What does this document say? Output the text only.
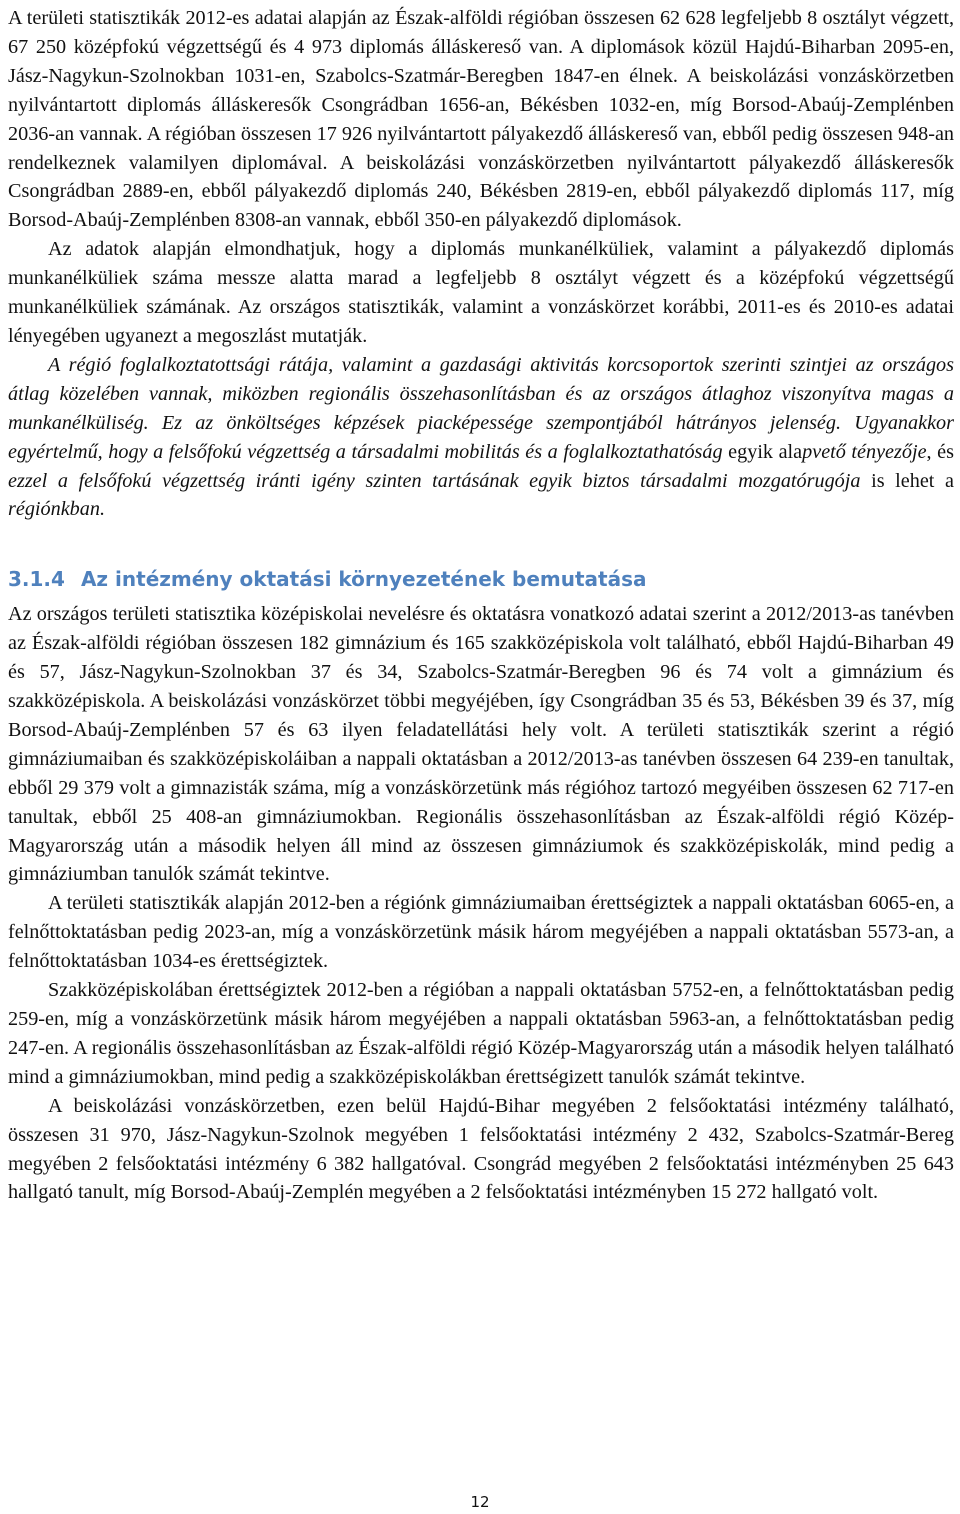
A területi statisztikák 2012-es adatai alapján az Észak-alföldi régióban összesen 62 628 legfeljebb 8 osztályt végzett, 67 250 középfokú végzettségű és 4 973 diplomás álláskereső van. A diplomások közül Hajdú-Biharban 2095-en, Jász-Nagykun-Szolnokban 1031-en, Szabolcs-Szatmár-Beregben 1847-en élnek. A beiskolázási vonzáskörzetben nyilvántartott diplomás álláskeresők Csongrádban 1656-an, Békésben 1032-en, míg Borsod-Abaúj-Zemplénben 2036-an vannak. A régióban összesen 17 926 nyilvántartott pályakezdő álláskereső van, ebből pedig összesen 948-an rendelkeznek valamilyen diplomával. A beiskolázási vonzáskörzetben nyilvántartott pályakezdő álláskeresők Csongrádban 2889-en, ebből pályakezdő diplomás 240, Békésben 2819-en, ebből pályakezdő diplomás 117, míg Borsod-Abaúj-Zemplénben 8308-an vannak, ebből 350-en pályakezdő diplomások.

Az adatok alapján elmondhatjuk, hogy a diplomás munkanélküliek, valamint a pályakezdő diplomás munkanélküliek száma messze alatta marad a legfeljebb 8 osztályt végzett és a középfokú végzettségű munkanélküliek számának. Az országos statisztikák, valamint a vonzáskörzet korábbi, 2011-es és 2010-es adatai lényegében ugyanezt a megoszlást mutatják.

A régió foglalkoztatottsági rátája, valamint a gazdasági aktivitás korcsoportok szerinti szintjei az országos átlag közelében vannak, miközben regionális összehasonlításban és az országos átlaghoz viszonyítva magas a munkanélküliség. Ez az önköltséges képzések piacképessége szempontjából hátrányos jelenség. Ugyanakkor egyértelmű, hogy a felsőfokú végzettség a társadalmi mobilitás és a foglalkoztathatóság egyik alapvető tényezője, és ezzel a felsőfokú végzettség iránti igény szinten tartásának egyik biztos társadalmi mozgatórugója is lehet a régiónkban.

3.1.4 Az intézmény oktatási környezetének bemutatása

Az országos területi statisztika középiskolai nevelésre és oktatásra vonatkozó adatai szerint a 2012/2013-as tanévben az Észak-alföldi régióban összesen 182 gimnázium és 165 szakközépiskola volt található, ebből Hajdú-Biharban 49 és 57, Jász-Nagykun-Szolnokban 37 és 34, Szabolcs-Szatmár-Beregben 96 és 74 volt a gimnázium és szakközépiskola. A beiskolázási vonzáskörzet többi megyéjében, így Csongrádban 35 és 53, Békésben 39 és 37, míg Borsod-Abaúj-Zemplénben 57 és 63 ilyen feladatellátási hely volt. A területi statisztikák szerint a régió gimnáziumaiban és szakközépiskoláiban a nappali oktatásban a 2012/2013-as tanévben összesen 64 239-en tanultak, ebből 29 379 volt a gimnazisták száma, míg a vonzáskörzetünk más régióhoz tartozó megyéiben összesen 62 717-en tanultak, ebből 25 408-an gimnáziumokban. Regionális összehasonlításban az Észak-alföldi régió Közép-Magyarország után a második helyen áll mind az összesen gimnáziumok és szakközépiskolák, mind pedig a gimnáziumban tanulók számát tekintve.

A területi statisztikák alapján 2012-ben a régiónk gimnáziumaiban érettségiztek a nappali oktatásban 6065-en, a felnőttoktatásban pedig 2023-an, míg a vonzáskörzetünk másik három megyéjében a nappali oktatásban 5573-an, a felnőttoktatásban 1034-es érettségiztek.

Szakközépiskolában érettségiztek 2012-ben a régióban a nappali oktatásban 5752-en, a felnőttoktatásban pedig 259-en, míg a vonzáskörzetünk másik három megyéjében a nappali oktatásban 5963-an, a felnőttoktatásban pedig 247-en. A regionális összehasonlításban az Észak-alföldi régió Közép-Magyarország után a második helyen található mind a gimnáziumokban, mind pedig a szakközépiskolákban érettségizett tanulók számát tekintve.

A beiskolázási vonzáskörzetben, ezen belül Hajdú-Bihar megyében 2 felsőoktatási intézmény található, összesen 31 970, Jász-Nagykun-Szolnok megyében 1 felsőoktatási intézmény 2 432, Szabolcs-Szatmár-Bereg megyében 2 felsőoktatási intézmény 6 382 hallgatóval. Csongrád megyében 2 felsőoktatási intézményben 25 643 hallgató tanult, míg Borsod-Abaúj-Zemplén megyében a 2 felsőoktatási intézményben 15 272 hallgató volt.

12
